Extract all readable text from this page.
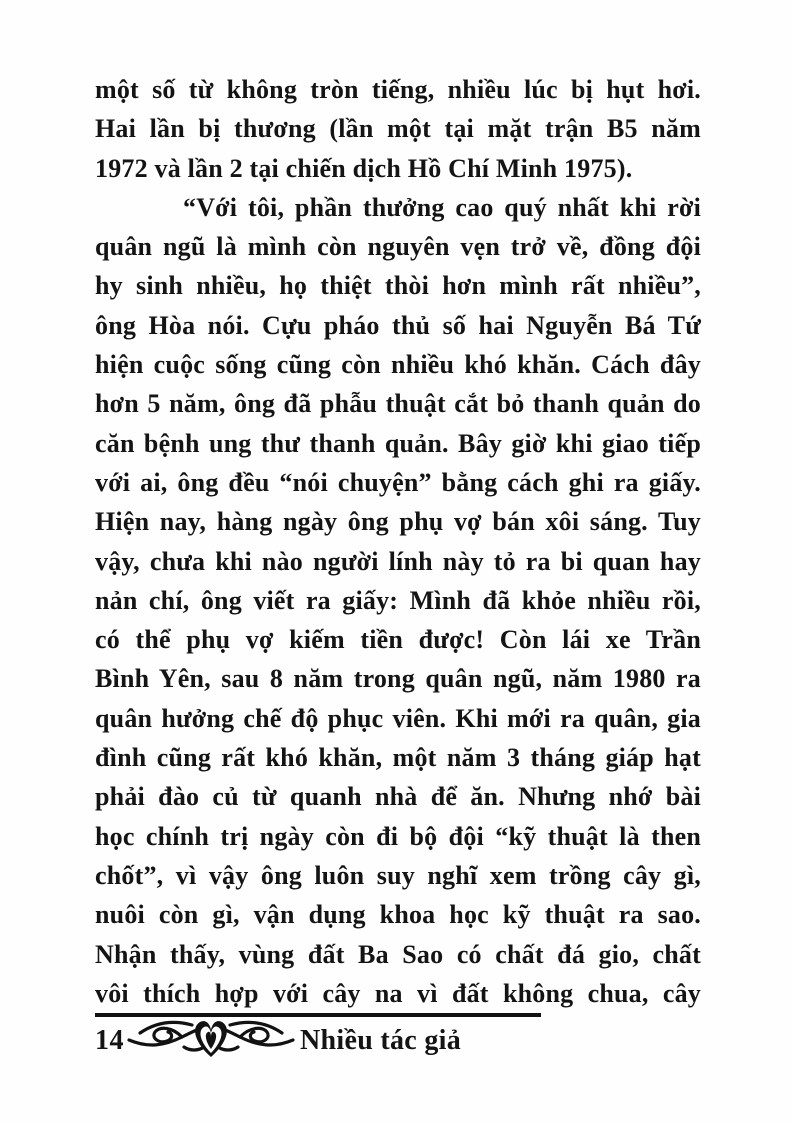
một số từ không tròn tiếng, nhiều lúc bị hụt hơi.
Hai lần bị thương (lần một tại mặt trận B5 năm
1972 và lần 2 tại chiến dịch Hồ Chí Minh 1975).
“Với tôi, phần thưởng cao quý nhất khi rời
quân ngũ là mình còn nguyên vẹn trở về, đồng đội
hy sinh nhiều, họ thiệt thòi hơn mình rất nhiều”,
ông Hòa nói. Cựu pháo thủ số hai Nguyễn Bá Tứ
hiện cuộc sống cũng còn nhiều khó khăn. Cách đây
hơn 5 năm, ông đã phẫu thuật cắt bỏ thanh quản do
căn bệnh ung thư thanh quản. Bây giờ khi giao tiếp
với ai, ông đều “nói chuyện” bằng cách ghi ra giấy.
Hiện nay, hàng ngày ông phụ vợ bán xôi sáng. Tuy
vậy, chưa khi nào người lính này tỏ ra bi quan hay
nản chí, ông viết ra giấy: Mình đã khỏe nhiều rồi,
có thể phụ vợ kiếm tiền được! Còn lái xe Trần
Bình Yên, sau 8 năm trong quân ngũ, năm 1980 ra
quân hưởng chế độ phục viên. Khi mới ra quân, gia
đình cũng rất khó khăn, một năm 3 tháng giáp hạt
phải đào củ từ quanh nhà để ăn. Nhưng nhớ bài
học chính trị ngày còn đi bộ đội “kỹ thuật là then
chốt”, vì vậy ông luôn suy nghĩ xem trồng cây gì,
nuôi còn gì, vận dụng khoa học kỹ thuật ra sao.
Nhận thấy, vùng đất Ba Sao có chất đá gio, chất
vôi thích hợp với cây na vì đất không chua, cây
14	Nhiều tác giả
